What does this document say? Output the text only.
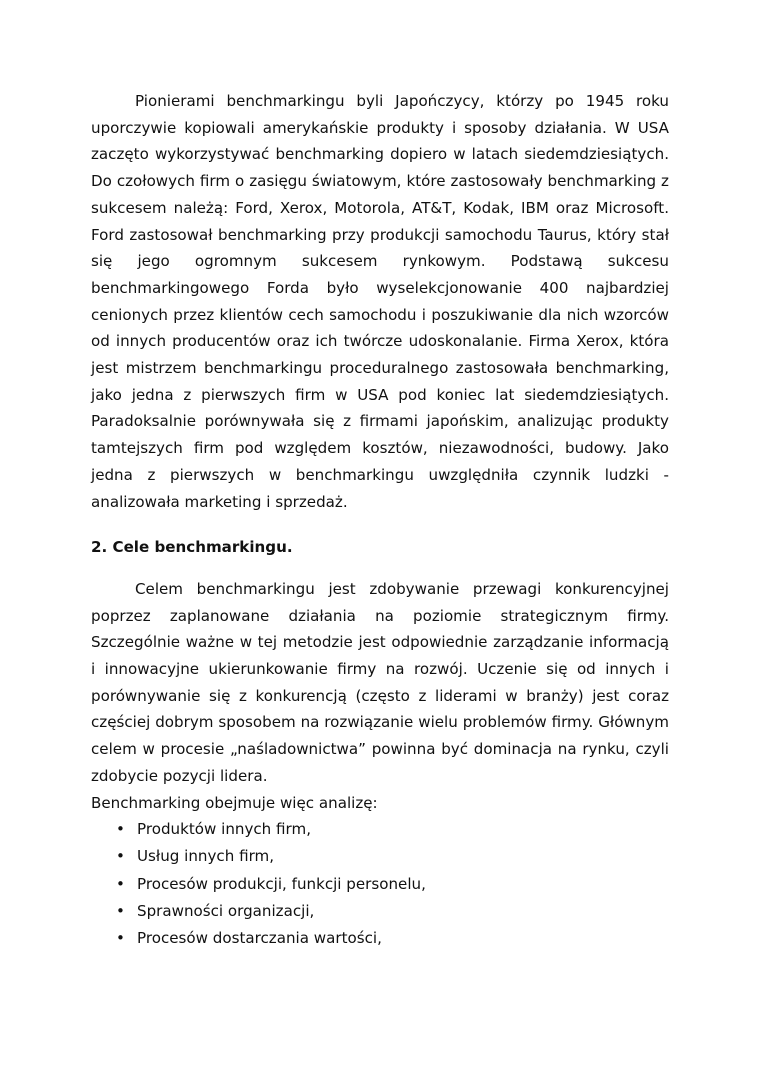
Pionierami benchmarkingu byli Japończycy, którzy po 1945 roku uporczywie kopiowali amerykańskie produkty i sposoby działania. W USA zaczęto wykorzystywać benchmarking dopiero w latach siedemdziesiątych. Do czołowych firm o zasięgu światowym, które zastosowały benchmarking z sukcesem należą: Ford, Xerox, Motorola, AT&T, Kodak, IBM oraz Microsoft. Ford zastosował benchmarking przy produkcji samochodu Taurus, który stał się jego ogromnym sukcesem rynkowym. Podstawą sukcesu benchmarkingowego Forda było wyselekcjonowanie 400 najbardziej cenionych przez klientów cech samochodu i poszukiwanie dla nich wzorców od innych producentów oraz ich twórcze udoskonalanie. Firma Xerox, która jest mistrzem benchmarkingu proceduralnego zastosowała benchmarking, jako jedna z pierwszych firm w USA pod koniec lat siedemdziesiątych. Paradoksalnie porównywała się z firmami japońskim, analizując produkty tamtejszych firm pod względem kosztów, niezawodności, budowy. Jako jedna z pierwszych w benchmarkingu uwzględniła czynnik ludzki - analizowała marketing i sprzedaż.

2. Cele benchmarkingu.

Celem benchmarkingu jest zdobywanie przewagi konkurencyjnej poprzez zaplanowane działania na poziomie strategicznym firmy. Szczególnie ważne w tej metodzie jest odpowiednie zarządzanie informacją i innowacyjne ukierunkowanie firmy na rozwój. Uczenie się od innych i porównywanie się z konkurencją (często z liderami w branży) jest coraz częściej dobrym sposobem na rozwiązanie wielu problemów firmy. Głównym celem w procesie „naśladownictwa” powinna być dominacja na rynku, czyli zdobycie pozycji lidera.

Benchmarking obejmuje więc analizę:

• Produktów innych firm,
• Usług innych firm,
• Procesów produkcji, funkcji personelu,
• Sprawności organizacji,
• Procesów dostarczania wartości,
